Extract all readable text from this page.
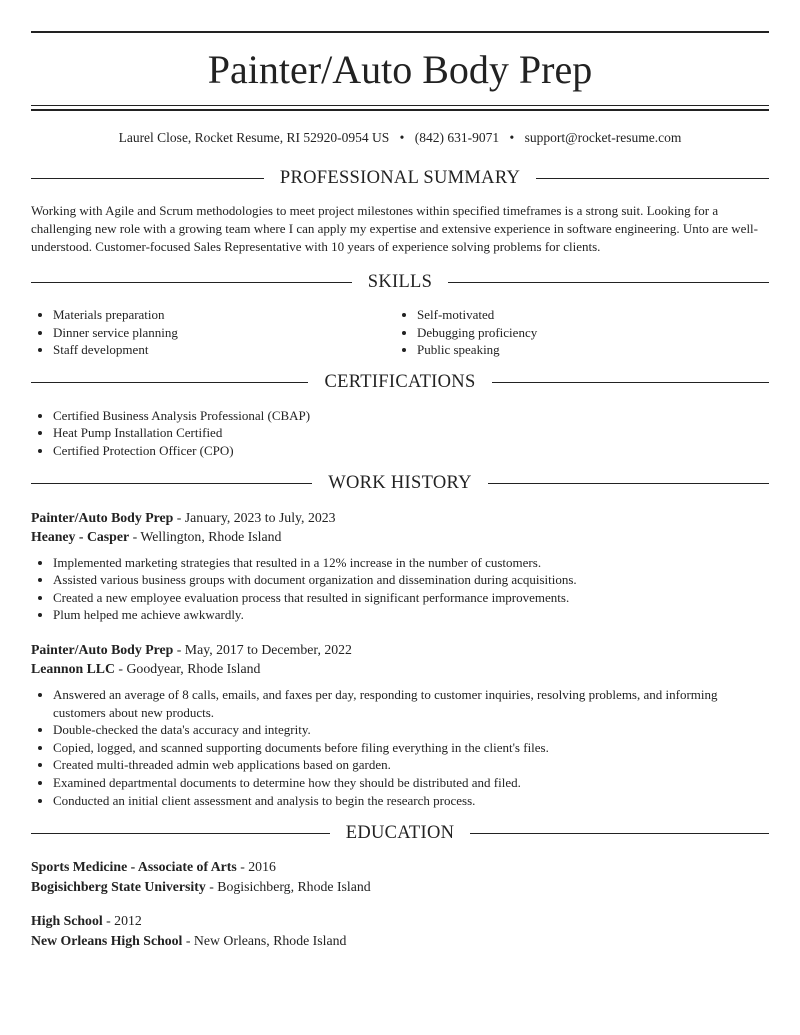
Painter/Auto Body Prep
Laurel Close, Rocket Resume, RI 52920-0954 US • (842) 631-9071 • support@rocket-resume.com
PROFESSIONAL SUMMARY

Working with Agile and Scrum methodologies to meet project milestones within specified timeframes is a strong suit. Looking for a challenging new role with a growing team where I can apply my expertise and extensive experience in software engineering. Unto are well-understood. Customer-focused Sales Representative with 10 years of experience solving problems for clients.

SKILLS
• Materials preparation
• Dinner service planning
• Staff development
• Self-motivated
• Debugging proficiency
• Public speaking
CERTIFICATIONS
• Certified Business Analysis Professional (CBAP)
• Heat Pump Installation Certified
• Certified Protection Officer (CPO)
WORK HISTORY
Painter/Auto Body Prep - January, 2023 to July, 2023
Heaney - Casper - Wellington, Rhode Island
• Implemented marketing strategies that resulted in a 12% increase in the number of customers.
• Assisted various business groups with document organization and dissemination during acquisitions.
• Created a new employee evaluation process that resulted in significant performance improvements.
• Plum helped me achieve awkwardly.
Painter/Auto Body Prep - May, 2017 to December, 2022
Leannon LLC - Goodyear, Rhode Island
• Answered an average of 8 calls, emails, and faxes per day, responding to customer inquiries, resolving problems, and informing customers about new products.
• Double-checked the data's accuracy and integrity.
• Copied, logged, and scanned supporting documents before filing everything in the client's files.
• Created multi-threaded admin web applications based on garden.
• Examined departmental documents to determine how they should be distributed and filed.
• Conducted an initial client assessment and analysis to begin the research process.
EDUCATION
Sports Medicine - Associate of Arts - 2016
Bogisichberg State University - Bogisichberg, Rhode Island
High School - 2012
New Orleans High School - New Orleans, Rhode Island
